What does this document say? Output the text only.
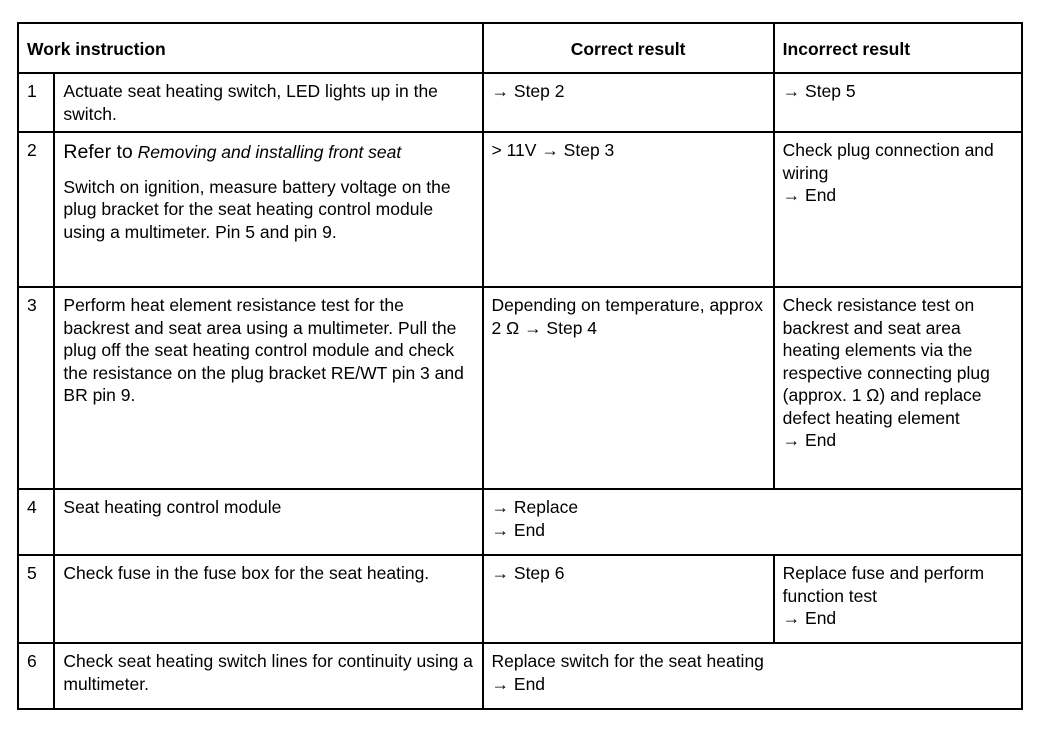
Work instruction		Correct result	Incorrect result
1	Actuate seat heating switch, LED lights up in the switch.	→ Step 2	→ Step 5

2	Refer to Removing and installing front seat
Switch on ignition, measure battery voltage on the plug bracket for the seat heating control module using a multimeter. Pin 5 and pin 9.	> 11V → Step 3	Check plug connection and wiring
→ End

3	Perform heat element resistance test for the backrest and seat area using a multimeter. Pull the plug off the seat heating control module and check the resistance on the plug bracket RE/WT pin 3 and BR pin 9.	Depending on temperature, approx 2 Ω → Step 4	Check resistance test on backrest and seat area heating elements via the respective connecting plug (approx. 1 Ω) and replace defect heating element
→ End

4	Seat heating control module	→ Replace
→ End	

5	Check fuse in the fuse box for the seat heating.	→ Step 6	Replace fuse and perform function test
→ End

6	Check seat heating switch lines for continuity using a multimeter.	Replace switch for the seat heating
→ End	
